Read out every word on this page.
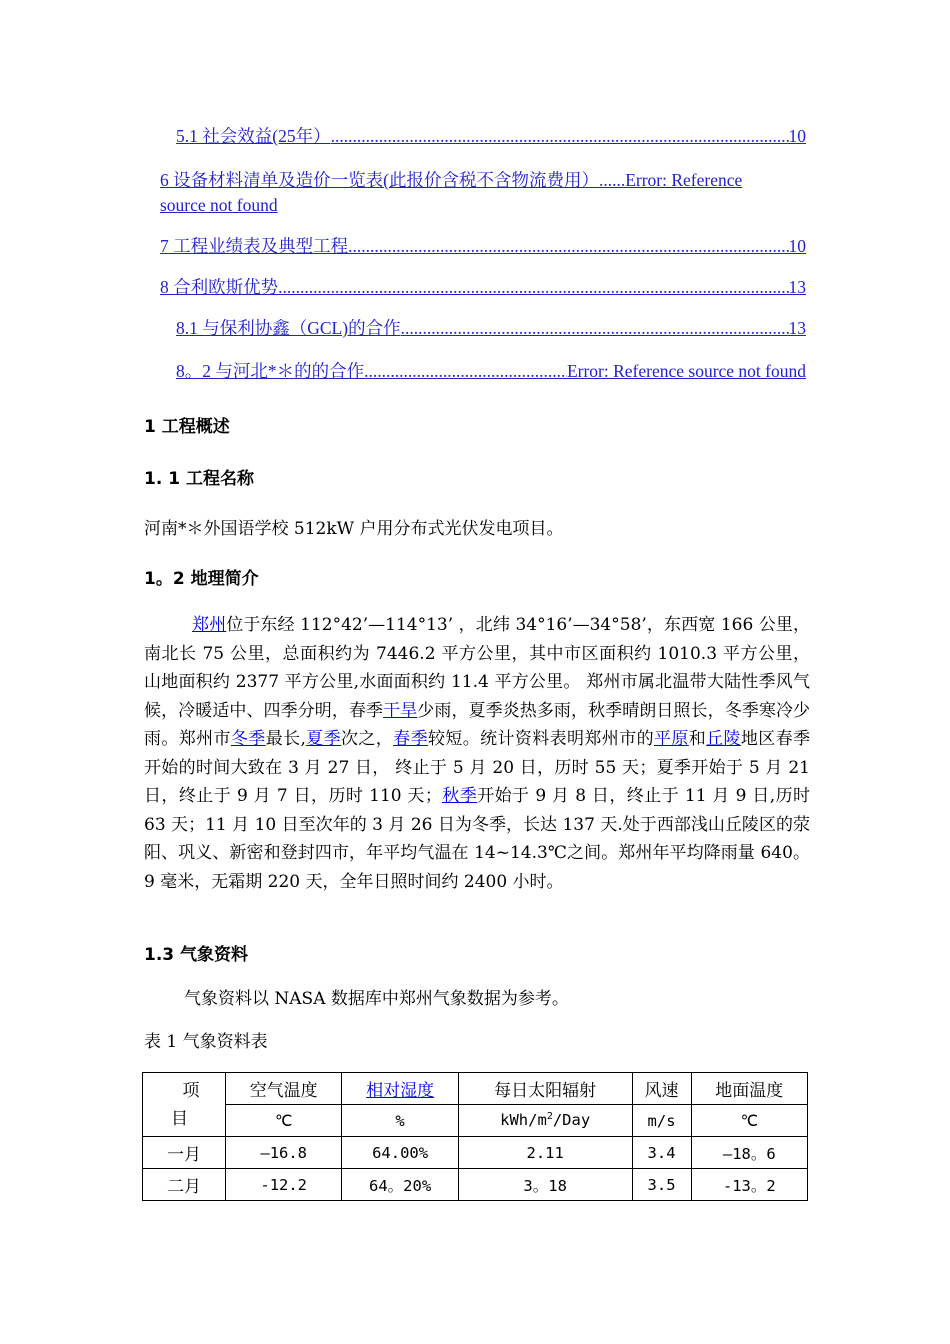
5.1 社会效益(25年） .....	10
6 设备材料清单及造价一览表(此报价含税不含物流费用）......Error: Reference
source not found
7 工程业绩表及典型工程 .....	10
8 合利欧斯优势 .....	13
8.1 与保利协鑫（GCL)的合作 .....	13
8。2 与河北*＊的的合作 .....	Error: Reference source not found
1 工程概述
1. 1 工程名称
河南*＊外国语学校 512kW 户用分布式光伏发电项目。
1。2 地理简介
郑州位于东经 112°42’—114°13’ ，北纬 34°16’—34°58’，东西宽 166 公里，南北长 75 公里，总面积约为 7446.2 平方公里，其中市区面积约 1010.3 平方公里，山地面积约 2377 平方公里,水面面积约 11.4 平方公里。 郑州市属北温带大陆性季风气候，冷暖适中、四季分明，春季干旱少雨，夏季炎热多雨，秋季晴朗日照长，冬季寒冷少雨。郑州市冬季最长,夏季次之，春季较短。统计资料表明郑州市的平原和丘陵地区春季开始的时间大致在 3 月 27 日， 终止于 5 月 20 日，历时 55 天；夏季开始于 5 月 21 日，终止于 9 月 7 日，历时 110 天；秋季开始于 9 月 8 日，终止于 11 月 9 日,历时 63 天；11 月 10 日至次年的 3 月 26 日为冬季，长达 137 天.处于西部浅山丘陵区的荥阳、巩义、新密和登封四市，年平均气温在 14~14.3℃之间。郑州年平均降雨量 640。9 毫米，无霜期 220 天，全年日照时间约 2400 小时。
1.3 气象资料
气象资料以 NASA 数据库中郑州气象数据为参考。
表 1 气象资料表
项
目	空气温度	相对湿度	每日太阳辐射	风速	地面温度
	℃	%	kWh/$m^2$/Day	m/s	℃
一月	—16.8	64.00%	2.11	3.4	—18。6
二月	-12.2	64。20%	3。18	3.5	-13。2
